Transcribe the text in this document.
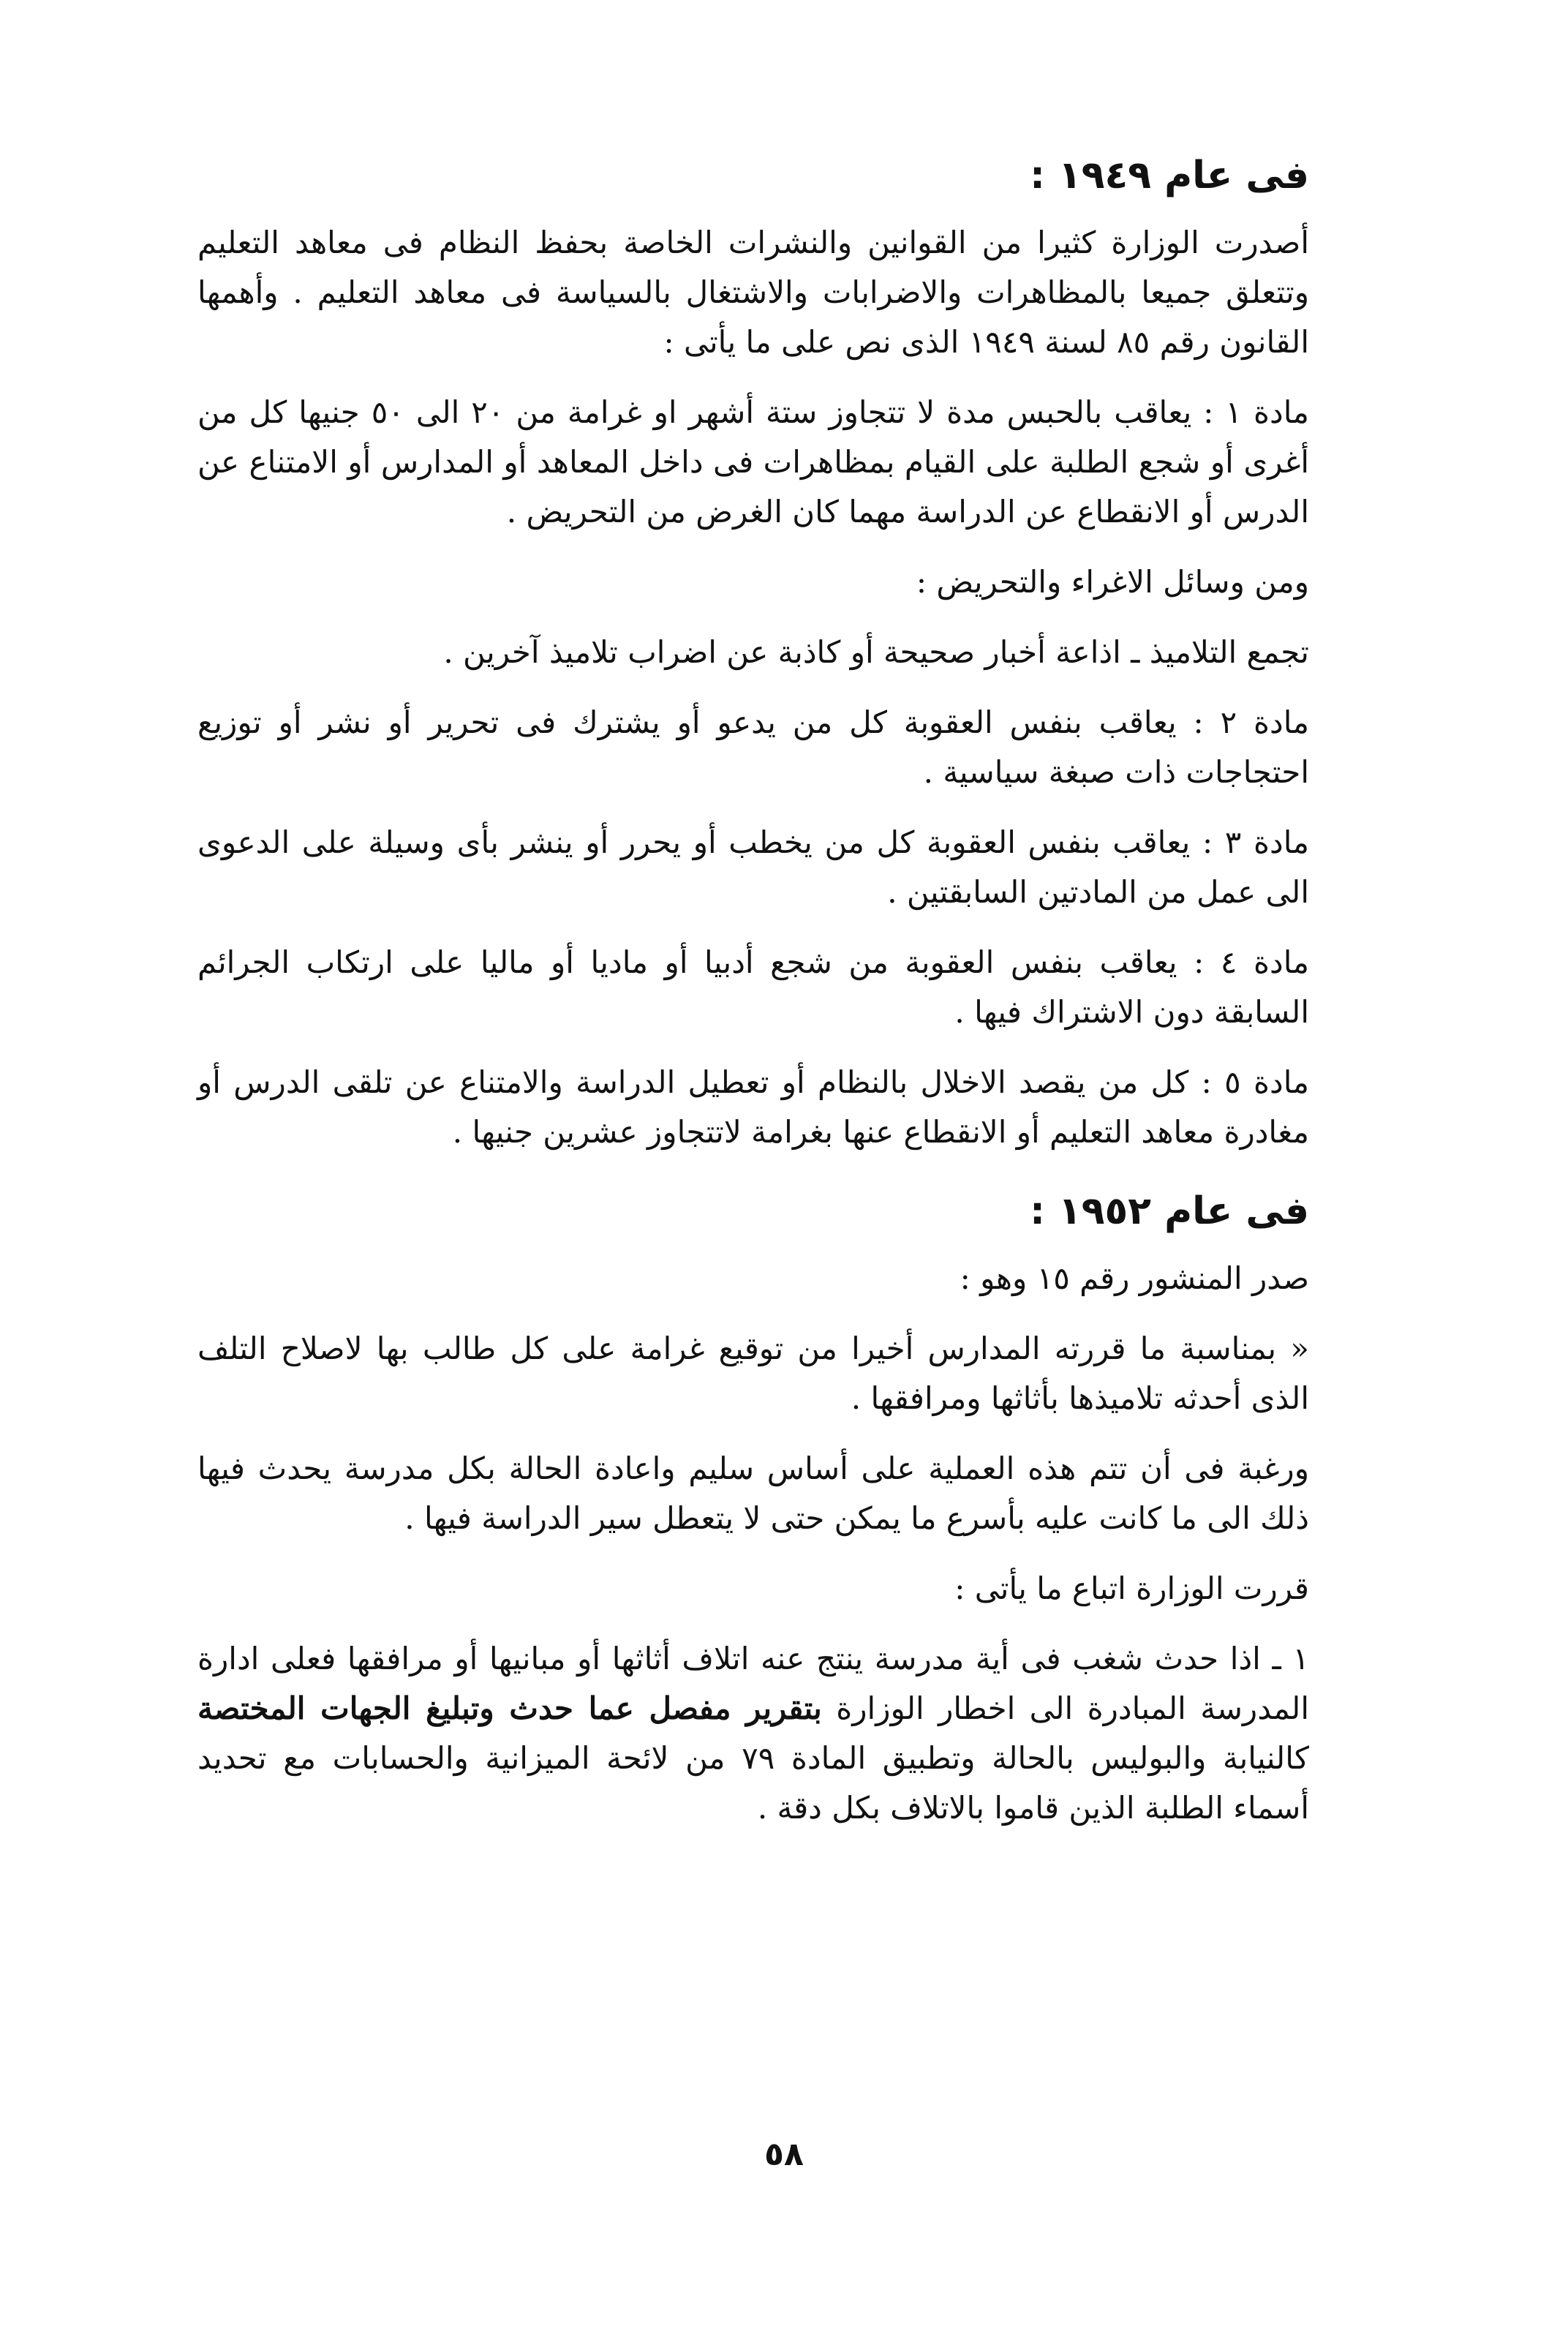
فى عام ١٩٤٩ :

أصدرت الوزارة كثيرا من القوانين والنشرات الخاصة بحفظ النظام فى معاهد التعليم وتتعلق جميعا بالمظاهرات والاضرابات والاشتغال بالسياسة فى معاهد التعليم . وأهمها القانون رقم ٨٥ لسنة ١٩٤٩ الذى نص على ما يأتى :

مادة ١ : يعاقب بالحبس مدة لا تتجاوز ستة أشهر او غرامة من ٢٠ الى ٥٠ جنيها كل من أغرى أو شجع الطلبة على القيام بمظاهرات فى داخل المعاهد أو المدارس أو الامتناع عن الدرس أو الانقطاع عن الدراسة مهما كان الغرض من التحريض .

ومن وسائل الاغراء والتحريض :

تجمع التلاميذ ـ اذاعة أخبار صحيحة أو كاذبة عن اضراب تلاميذ آخرين .

مادة ٢ : يعاقب بنفس العقوبة كل من يدعو أو يشترك فى تحرير أو نشر أو توزيع احتجاجات ذات صبغة سياسية .

مادة ٣ : يعاقب بنفس العقوبة كل من يخطب أو يحرر أو ينشر بأى وسيلة على الدعوى الى عمل من المادتين السابقتين .

مادة ٤ : يعاقب بنفس العقوبة من شجع أدبيا أو ماديا أو ماليا على ارتكاب الجرائم السابقة دون الاشتراك فيها .

مادة ٥ : كل من يقصد الاخلال بالنظام أو تعطيل الدراسة والامتناع عن تلقى الدرس أو مغادرة معاهد التعليم أو الانقطاع عنها بغرامة لاتتجاوز عشرين جنيها .

فى عام ١٩٥٢ :

صدر المنشور رقم ١٥ وهو :

« بمناسبة ما قررته المدارس أخيرا من توقيع غرامة على كل طالب بها لاصلاح التلف الذى أحدثه تلاميذها بأثاثها ومرافقها .

ورغبة فى أن تتم هذه العملية على أساس سليم واعادة الحالة بكل مدرسة يحدث فيها ذلك الى ما كانت عليه بأسرع ما يمكن حتى لا يتعطل سير الدراسة فيها .

قررت الوزارة اتباع ما يأتى :

١ ـ اذا حدث شغب فى أية مدرسة ينتج عنه اتلاف أثاثها أو مبانيها أو مرافقها فعلى ادارة المدرسة المبادرة الى اخطار الوزارة بتقرير مفصل عما حدث وتبليغ الجهات المختصة كالنيابة والبوليس بالحالة وتطبيق المادة ٧٩ من لائحة الميزانية والحسابات مع تحديد أسماء الطلبة الذين قاموا بالاتلاف بكل دقة .

٥٨
